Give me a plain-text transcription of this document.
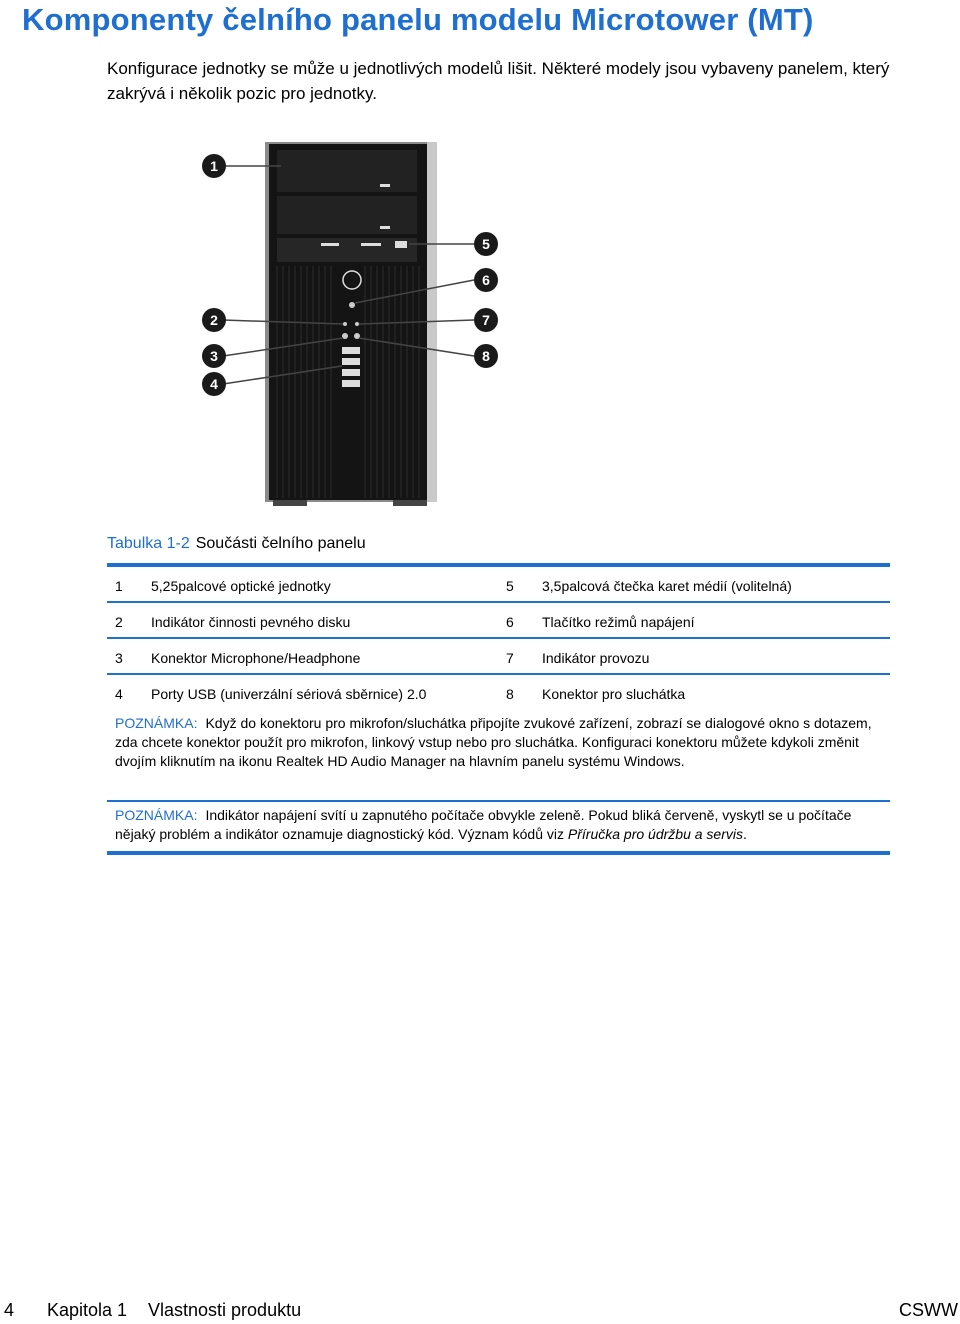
Komponenty čelního panelu modelu Microtower (MT)

Konfigurace jednotky se může u jednotlivých modelů lišit. Některé modely jsou vybaveny panelem, který zakrývá i několik pozic pro jednotky.

1
2
3
4
5
6
7
8
Tabulka 1-2 Součásti čelního panelu
1 5,25palcové optické jednotky	5 3,5palcová čtečka karet médií (volitelná)
2 Indikátor činnosti pevného disku	6 Tlačítko režimů napájení
3 Konektor Microphone/Headphone	7 Indikátor provozu
4 Porty USB (univerzální sériová sběrnice) 2.0	8 Konektor pro sluchátka
POZNÁMKA: Když do konektoru pro mikrofon/sluchátka připojíte zvukové zařízení, zobrazí se dialogové okno s dotazem, zda chcete konektor použít pro mikrofon, linkový vstup nebo pro sluchátka. Konfiguraci konektoru můžete kdykoli změnit dvojím kliknutím na ikonu Realtek HD Audio Manager na hlavním panelu systému Windows.
POZNÁMKA: Indikátor napájení svítí u zapnutého počítače obvykle zeleně. Pokud bliká červeně, vyskytl se u počítače nějaký problém a indikátor oznamuje diagnostický kód. Význam kódů viz Příručka pro údržbu a servis.
4 Kapitola 1 Vlastnosti produktu	CSWW
